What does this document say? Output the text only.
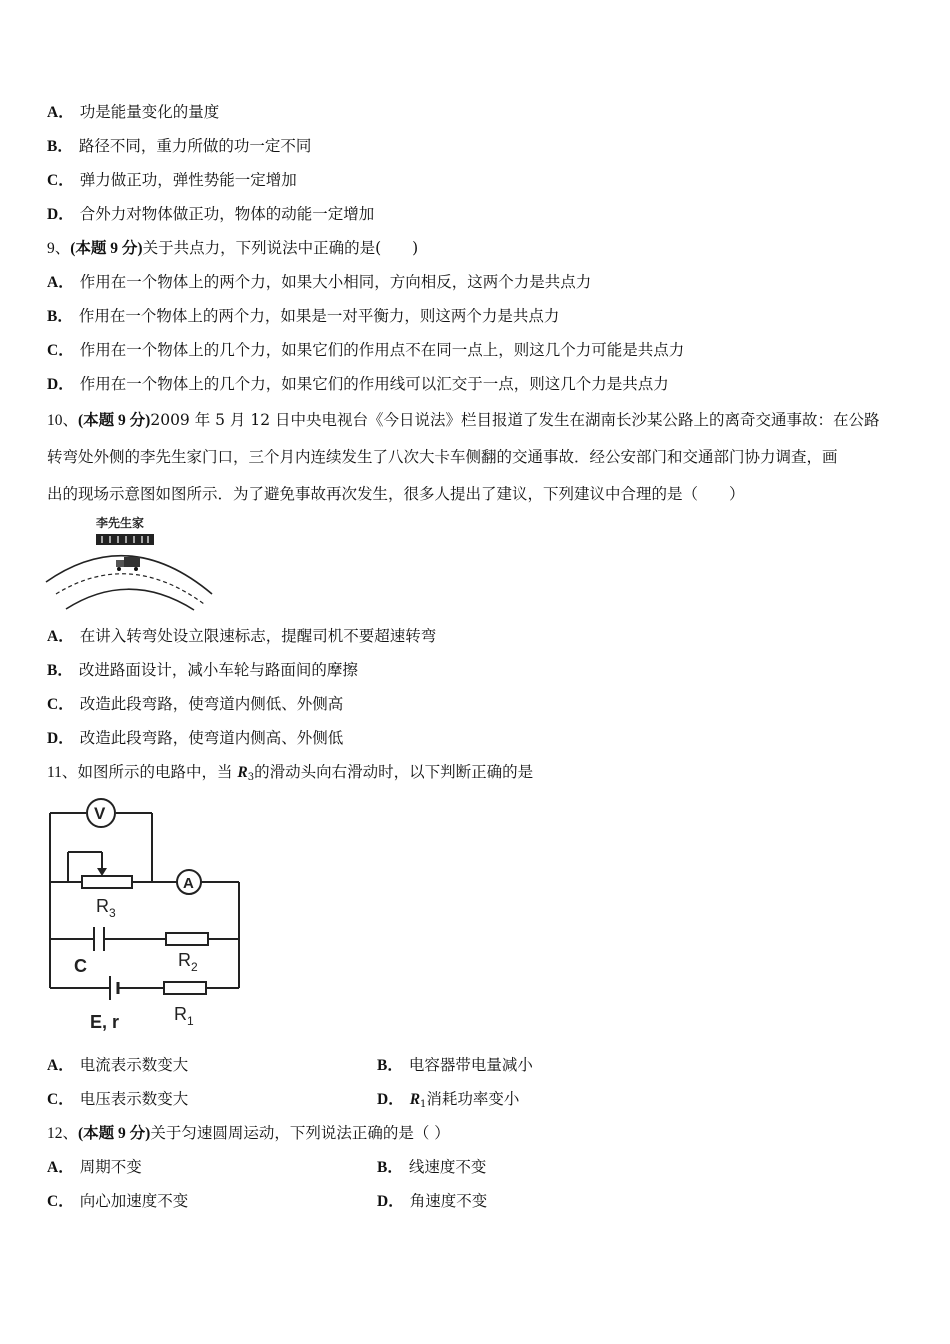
A． 功是能量变化的量度
B． 路径不同，重力所做的功一定不同
C． 弹力做正功，弹性势能一定增加
D． 合外力对物体做正功，物体的动能一定增加
9、(本题 9 分)关于共点力，下列说法中正确的是(　　)
A． 作用在一个物体上的两个力，如果大小相同，方向相反，这两个力是共点力
B． 作用在一个物体上的两个力，如果是一对平衡力，则这两个力是共点力
C． 作用在一个物体上的几个力，如果它们的作用点不在同一点上，则这几个力可能是共点力
D． 作用在一个物体上的几个力，如果它们的作用线可以汇交于一点，则这几个力是共点力
10、(本题 9 分)2009 年 5 月 12 日中央电视台《今日说法》栏目报道了发生在湖南长沙某公路上的离奇交通事故：在公路
转弯处外侧的李先生家门口，三个月内连续发生了八次大卡车侧翻的交通事故．经公安部门和交通部门协力调查，画
出的现场示意图如图所示．为了避免事故再次发生，很多人提出了建议，下列建议中合理的是（　　）
李先生家
A． 在讲入转弯处设立限速标志，提醒司机不要超速转弯
B． 改进路面设计，减小车轮与路面间的摩擦
C． 改造此段弯路，使弯道内侧低、外侧高
D． 改造此段弯路，使弯道内侧高、外侧低
11、如图所示的电路中，当 $R_3$的滑动头向右滑动时，以下判断正确的是
V
A
$R_3$
$R_2$
C
E, r	$R_1$
A． 电流表示数变大	B． 电容器带电量减小
C． 电压表示数变大	D． $R_1$消耗功率变小
12、(本题 9 分)关于匀速圆周运动，下列说法正确的是（ ）
A． 周期不变	B． 线速度不变
C． 向心加速度不变	D． 角速度不变
